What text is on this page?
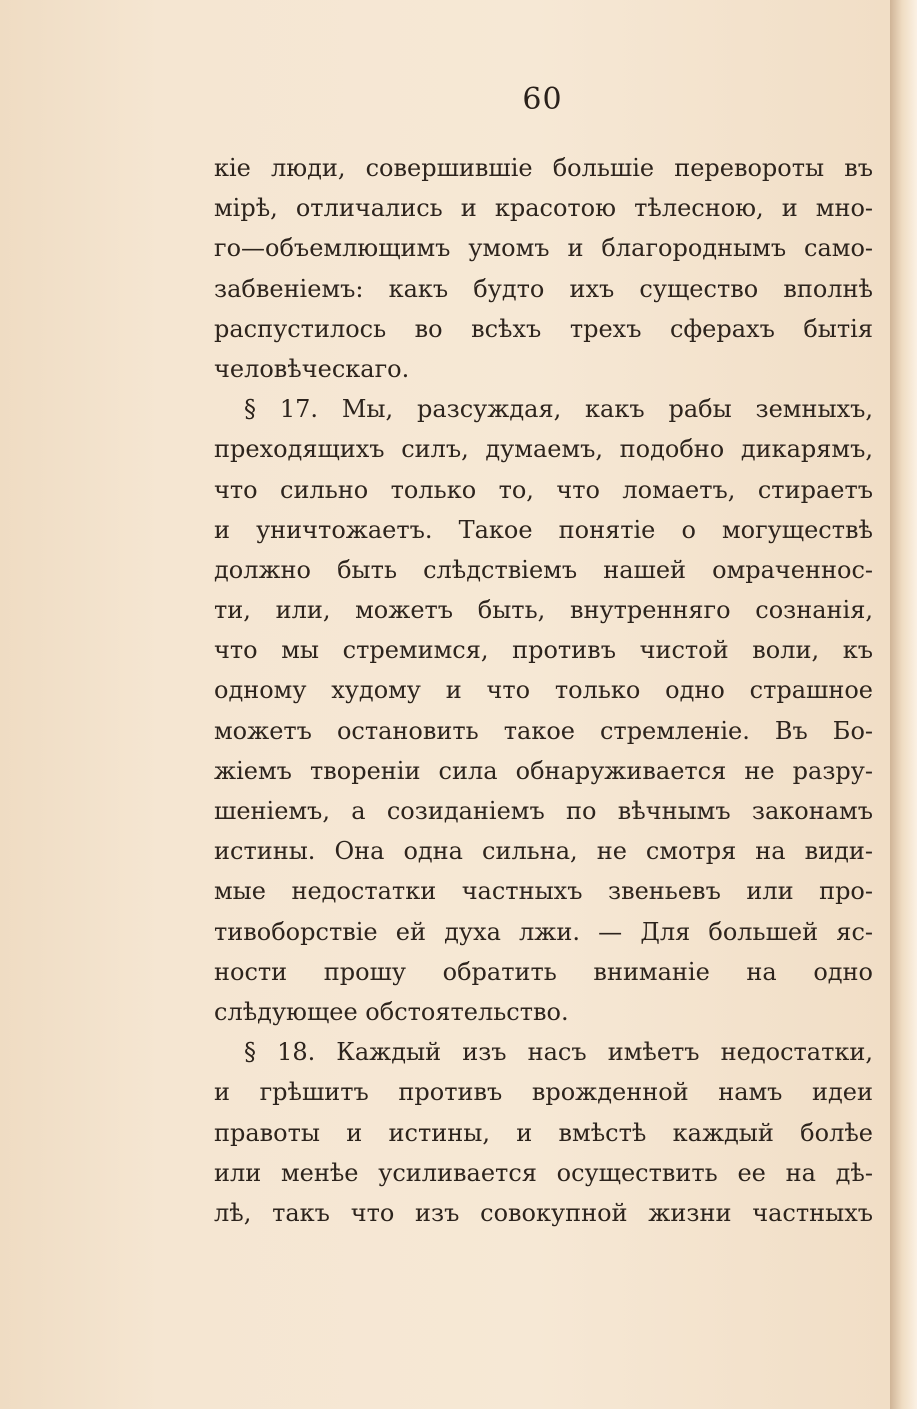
60
кіе люди, совершившіе большіе перевороты въ
мірѣ, отличались и красотою тѣлесною, и мно-
го—объемлющимъ умомъ и благороднымъ само-
забвеніемъ: какъ будто ихъ существо вполнѣ
распустилось во всѣхъ трехъ сферахъ бытія
человѣческаго.
§ 17. Мы, разсуждая, какъ рабы земныхъ,
преходящихъ силъ, думаемъ, подобно дикарямъ,
что сильно только то, что ломаетъ, стираетъ
и уничтожаетъ. Такое понятіе о могуществѣ
должно быть слѣдствіемъ нашей омраченнос-
ти, или, можетъ быть, внутренняго сознанія,
что мы стремимся, противъ чистой воли, къ
одному худому и что только одно страшное
можетъ остановить такое стремленіе. Въ Бо-
жіемъ твореніи сила обнаруживается не разру-
шеніемъ, а созиданіемъ по вѣчнымъ законамъ
истины. Она одна сильна, не смотря на види-
мые недостатки частныхъ звеньевъ или про-
тивоборствіе ей духа лжи. — Для большей яс-
ности прошу обратить вниманіе на одно
слѣдующее обстоятельство.
§ 18. Каждый изъ насъ имѣетъ недостатки,
и грѣшитъ противъ врожденной намъ идеи
правоты и истины, и вмѣстѣ каждый болѣе
или менѣе усиливается осуществить ее на дѣ-
лѣ, такъ что изъ совокупной жизни частныхъ
